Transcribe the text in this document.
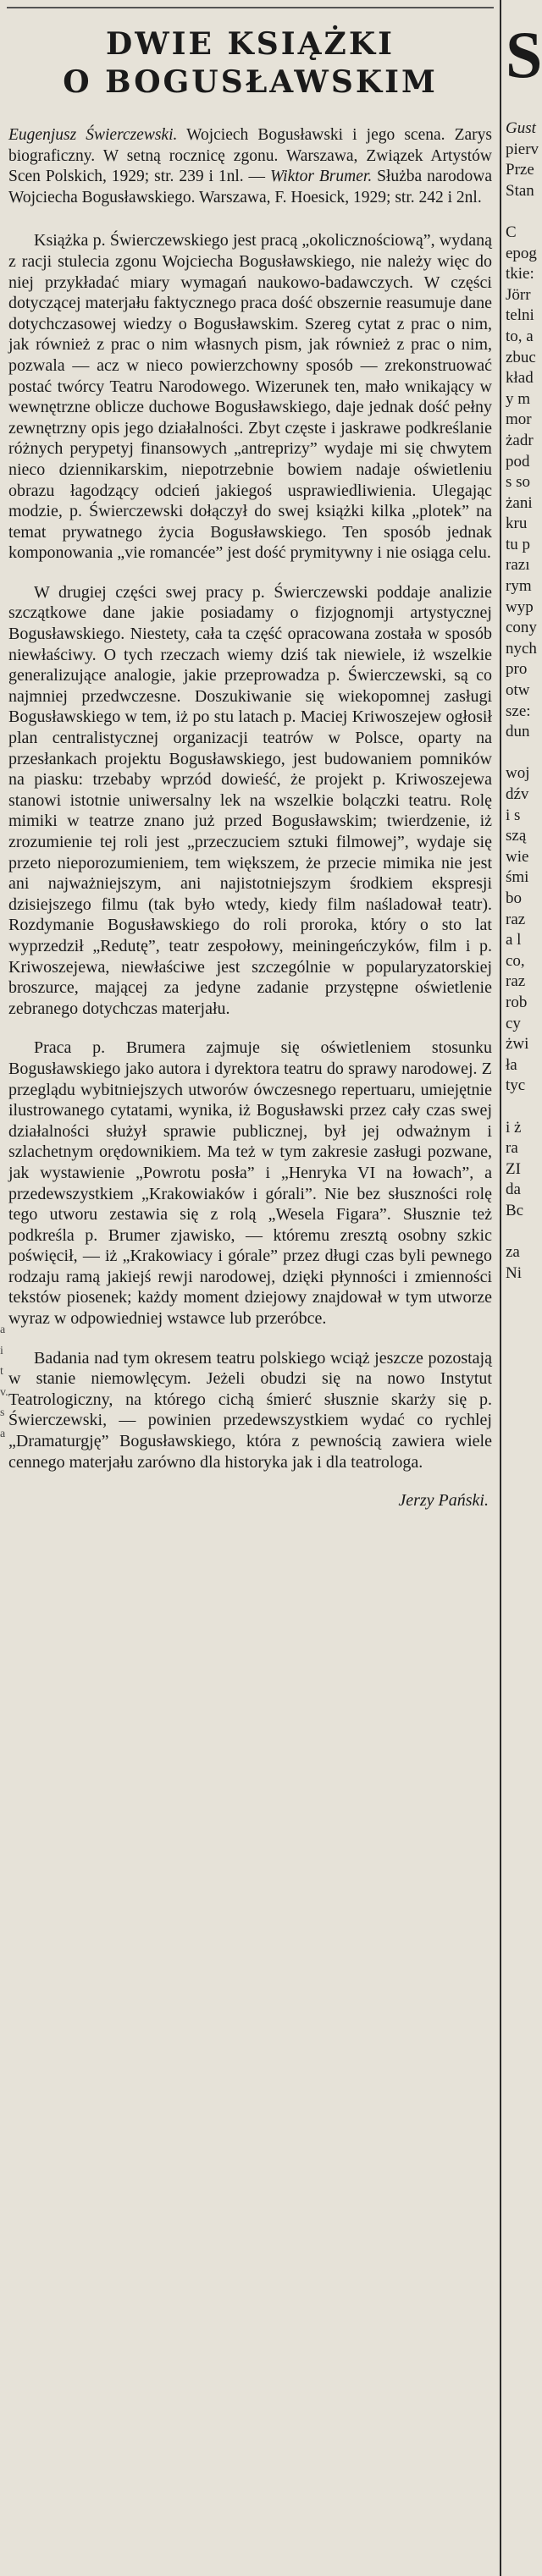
DWIE KSIĄŻKI
O BOGUSŁAWSKIM

Eugenjusz Świerczewski. Wojciech Bogusławski i jego scena. Zarys biograficzny. W setną rocznicę zgonu. Warszawa, Związek Artystów Scen Polskich, 1929; str. 239 i 1nl. — Wiktor Brumer. Służba narodowa Wojciecha Bogusławskiego. Warszawa, F. Hoesick, 1929; str. 242 i 2nl.

Książka p. Świerczewskiego jest pracą „okolicznościową”, wydaną z racji stulecia zgonu Wojciecha Bogusławskiego, nie należy więc do niej przykładać miary wymagań naukowo-badawczych. W części dotyczącej materjału faktycznego praca dość obszernie reasumuje dane dotychczasowej wiedzy o Bogusławskim. Szereg cytat z prac o nim, jak również z prac o nim własnych pism, jak również z prac o nim, pozwala — acz w nieco powierzchowny sposób — zrekonstruować postać twórcy Teatru Narodowego. Wizerunek ten, mało wnikający w wewnętrzne oblicze duchowe Bogusławskiego, daje jednak dość pełny zewnętrzny opis jego działalności. Zbyt częste i jaskrawe podkreślanie różnych perypetyj finansowych „antreprizy” wydaje mi się chwytem nieco dziennikarskim, niepotrzebnie bowiem nadaje oświetleniu obrazu łagodzący odcień jakiegoś usprawiedliwienia. Ulegając modzie, p. Świerczewski dołączył do swej książki kilka „plotek” na temat prywatnego życia Bogusławskiego. Ten sposób jednak komponowania „vie romancée” jest dość prymitywny i nie osiąga celu.

W drugiej części swej pracy p. Świerczewski poddaje analizie szczątkowe dane jakie posiadamy o fizjognomji artystycznej Bogusławskiego. Niestety, cała ta część opracowana została w sposób niewłaściwy. O tych rzeczach wiemy dziś tak niewiele, iż wszelkie generalizujące analogie, jakie przeprowadza p. Świerczewski, są co najmniej przedwczesne. Doszukiwanie się wiekopomnej zasługi Bogusławskiego w tem, iż po stu latach p. Maciej Kriwoszejew ogłosił plan centralistycznej organizacji teatrów w Polsce, oparty na przesłankach projektu Bogusławskiego, jest budowaniem pomników na piasku: trzebaby wprzód dowieść, że projekt p. Kriwoszejewa stanowi istotnie uniwersalny lek na wszelkie bolączki teatru. Rolę mimiki w teatrze znano już przed Bogusławskim; twierdzenie, iż zrozumienie tej roli jest „przeczuciem sztuki filmowej”, wydaje się przeto nieporozumieniem, tem większem, że przecie mimika nie jest ani najważniejszym, ani najistotniejszym środkiem ekspresji dzisiejszego filmu (tak było wtedy, kiedy film naśladował teatr). Rozdymanie Bogusławskiego do roli proroka, który o sto lat wyprzedził „Redutę”, teatr zespołowy, meiningeńczyków, film i p. Kriwoszejewa, niewłaściwe jest szczególnie w popularyzatorskiej broszurce, mającej za jedyne zadanie przystępne oświetlenie zebranego dotychczas materjału.

Praca p. Brumera zajmuje się oświetleniem stosunku Bogusławskiego jako autora i dyrektora teatru do sprawy narodowej. Z przeglądu wybitniejszych utworów ówczesnego repertuaru, umiejętnie ilustrowanego cytatami, wynika, iż Bogusławski przez cały czas swej działalności służył sprawie publicznej, był jej odważnym i szlachetnym orędownikiem. Ma też w tym zakresie zasługi pozwane, jak wystawienie „Powrotu posła” i „Henryka VI na łowach”, a przedewszystkiem „Krakowiaków i górali”. Nie bez słuszności rolę tego utworu zestawia się z rolą „Wesela Figara”. Słusznie też podkreśla p. Brumer zjawisko, — któremu zresztą osobny szkic poświęcił, — iż „Krakowiacy i górale” przez długi czas byli pewnego rodzaju ramą jakiejś rewji narodowej, dzięki płynności i zmienności tekstów piosenek; każdy moment dziejowy znajdował w tym utworze wyraz w odpowiedniej wstawce lub przeróbce.

Badania nad tym okresem teatru polskiego wciąż jeszcze pozostają w stanie niemowlęcym. Jeżeli obudzi się na nowo Instytut Teatrologiczny, na którego cichą śmierć słusznie skarży się p. Świerczewski, — powinien przedewszystkiem wydać co rychlej „Dramaturgję” Bogusławskiego, która z pewnością zawiera wiele cennego materjału zarówno dla historyka jak i dla teatrologa.

Jerzy Pański.
S
Gust
pierv
Prze
Stan

C
epog
tkie:
Jörr
telni
to, a
zbuc
kład
y m
mor
żadr
pod
s so
żani
kru
tu p
razı
rym
wyp
cony
nych
pro
otw
sze:
dun

woj
dźv
i s
szą
wie
śmi
bo
raz
a l
co,
raz
rob
cy
żwi
ła
tyc

i ż
ra
ZI
da
Bc

za
Ni
a
i
t
v.
s
a
